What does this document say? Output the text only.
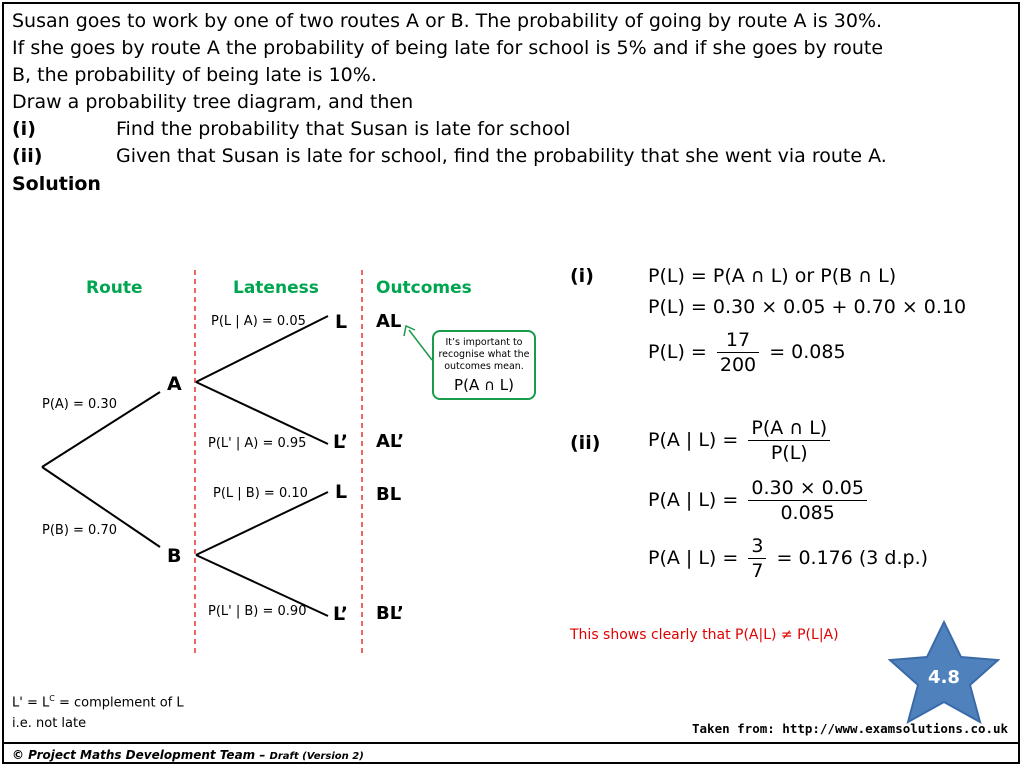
Susan goes to work by one of two routes A or B. The probability of going by route A is 30%.
If she goes by route A the probability of being late for school is 5% and if she goes by route
B, the probability of being late is 10%.
Draw a probability tree diagram, and then
(i)	Find the probability that Susan is late for school
(ii)	Given that Susan is late for school, find the probability that she went via route A.
Solution
Route	Lateness	Outcomes
A
B
L
L’
L
L’
P(A) = 0.30
P(B) = 0.70
P(L | A) = 0.05
P(L' | A) = 0.95
P(L | B) = 0.10
P(L' | B) = 0.90
AL
AL’
BL
BL’
It’s important to recognise what the outcomes mean.
P(A ∩ L)
(i)	P(L) = P(A ∩ L) or P(B ∩ L)
P(L) = 0.30 × 0.05 + 0.70 × 0.10
$P(L) = \frac{17}{200} = 0.085$
(ii)	P(A | $L) = \frac{P(A \cap L)}{P(L)}$
P(A | $L) = \frac{0.30 \times 0.05}{0.085}$
P(A | $L) = \frac{3}{7} = 0.176$ (3 d.p.)
This shows clearly that P(A|L) ≠ P(L|A)
$L' = L^C$ = complement of L
i.e. not late
4.8
Taken from: http://www.examsolutions.co.uk
© Project Maths Development Team – Draft (Version 2)
